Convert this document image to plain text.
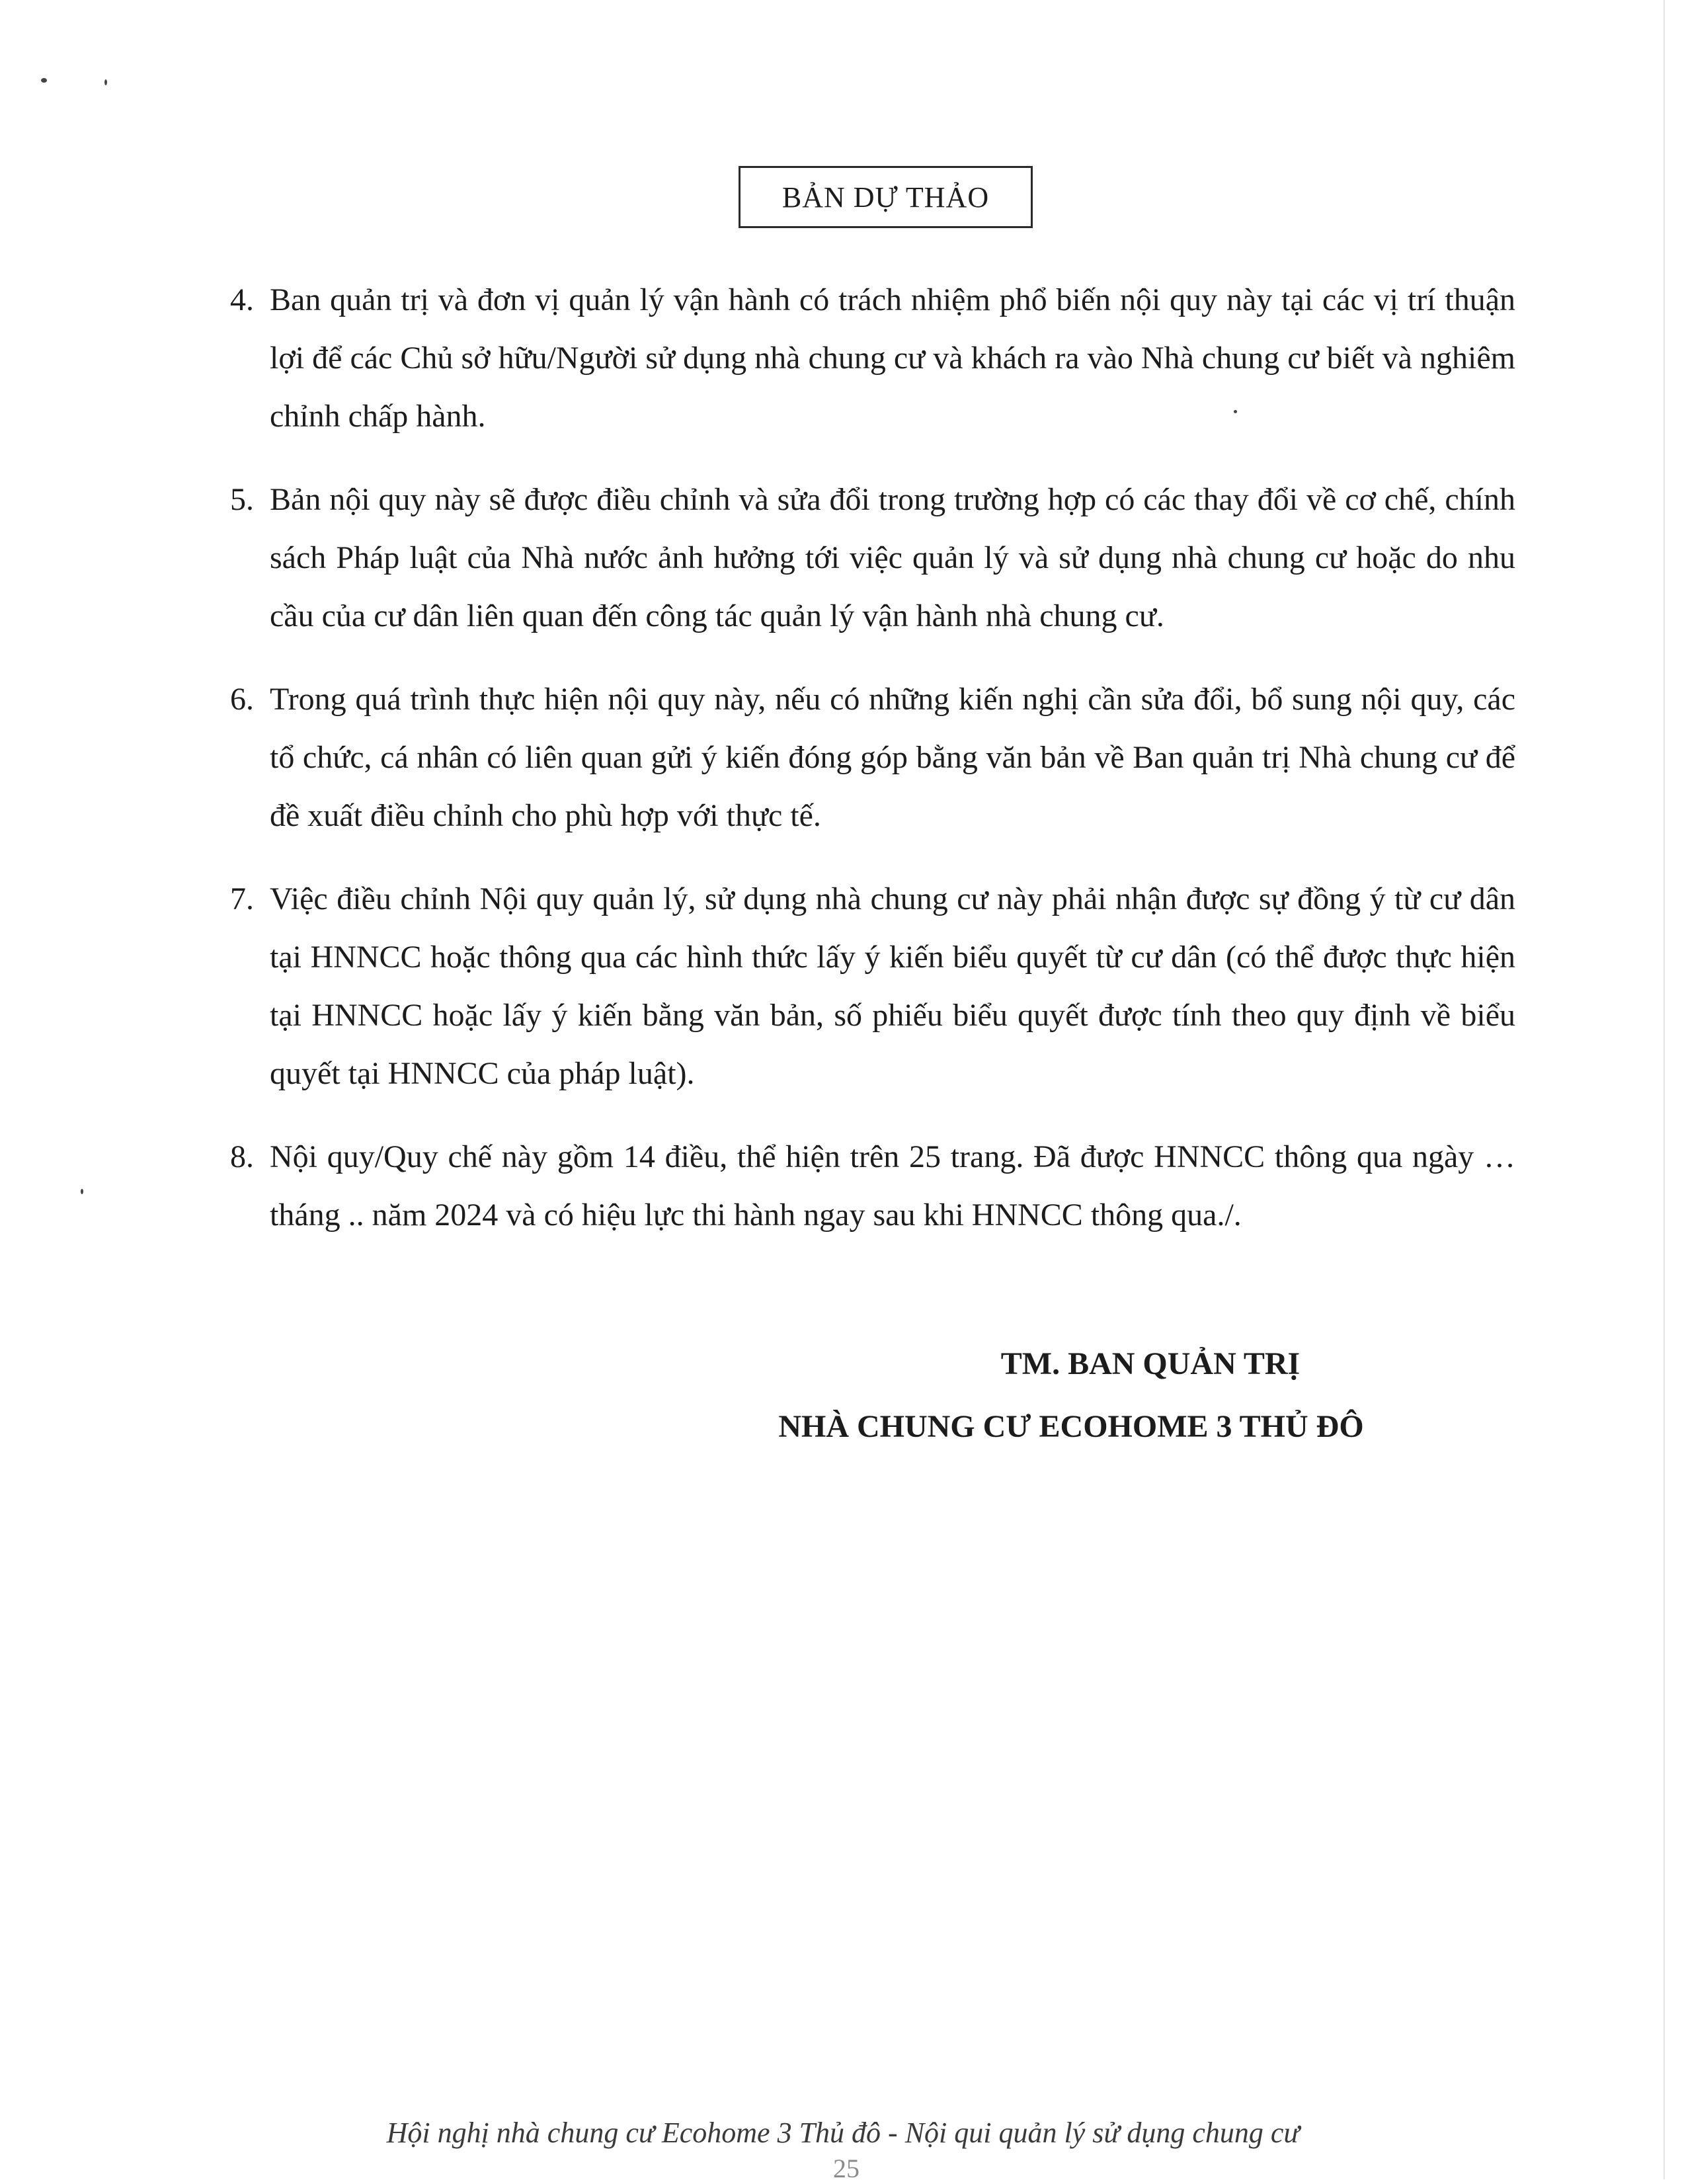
BẢN DỰ THẢO
4. Ban quản trị và đơn vị quản lý vận hành có trách nhiệm phổ biến nội quy này tại các vị trí thuận lợi để các Chủ sở hữu/Người sử dụng nhà chung cư và khách ra vào Nhà chung cư biết và nghiêm chỉnh chấp hành.
5. Bản nội quy này sẽ được điều chỉnh và sửa đổi trong trường hợp có các thay đổi về cơ chế, chính sách Pháp luật của Nhà nước ảnh hưởng tới việc quản lý và sử dụng nhà chung cư hoặc do nhu cầu của cư dân liên quan đến công tác quản lý vận hành nhà chung cư.
6. Trong quá trình thực hiện nội quy này, nếu có những kiến nghị cần sửa đổi, bổ sung nội quy, các tổ chức, cá nhân có liên quan gửi ý kiến đóng góp bằng văn bản về Ban quản trị Nhà chung cư để đề xuất điều chỉnh cho phù hợp với thực tế.
7. Việc điều chỉnh Nội quy quản lý, sử dụng nhà chung cư này phải nhận được sự đồng ý từ cư dân tại HNNCC hoặc thông qua các hình thức lấy ý kiến biểu quyết từ cư dân (có thể được thực hiện tại HNNCC hoặc lấy ý kiến bằng văn bản, số phiếu biểu quyết được tính theo quy định về biểu quyết tại HNNCC của pháp luật).
8. Nội quy/Quy chế này gồm 14 điều, thể hiện trên 25 trang. Đã được HNNCC thông qua ngày … tháng .. năm 2024 và có hiệu lực thi hành ngay sau khi HNNCC thông qua./.
TM. BAN QUẢN TRỊ
NHÀ CHUNG CƯ ECOHOME 3 THỦ ĐÔ
Hội nghị nhà chung cư Ecohome 3 Thủ đô - Nội qui quản lý sử dụng chung cư
25
